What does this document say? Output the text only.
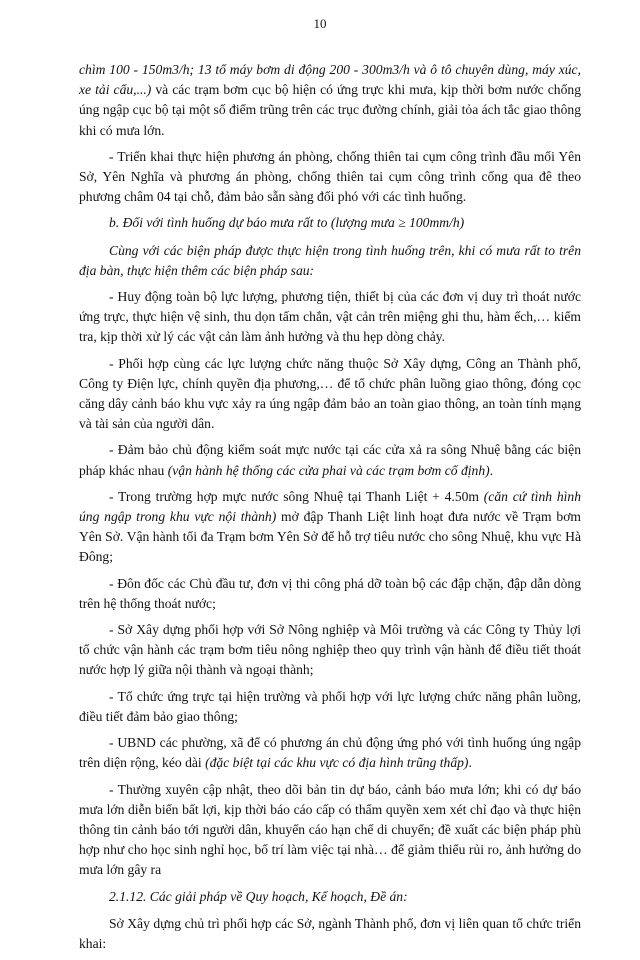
10

chìm 100 - 150m3/h; 13 tổ máy bơm di động 200 - 300m3/h và ô tô chuyên dùng, máy xúc, xe tải cẩu,...) và các trạm bơm cục bộ hiện có ứng trực khi mưa, kịp thời bơm nước chống úng ngập cục bộ tại một số điểm trũng trên các trục đường chính, giải tỏa ách tắc giao thông khi có mưa lớn.

- Triển khai thực hiện phương án phòng, chống thiên tai cụm công trình đầu mối Yên Sở, Yên Nghĩa và phương án phòng, chống thiên tai cụm công trình cống qua đê theo phương châm 04 tại chỗ, đảm bảo sẵn sàng đối phó với các tình huống.

b. Đối với tình huống dự báo mưa rất to (lượng mưa ≥ 100mm/h)

Cùng với các biện pháp được thực hiện trong tình huống trên, khi có mưa rất to trên địa bàn, thực hiện thêm các biện pháp sau:

- Huy động toàn bộ lực lượng, phương tiện, thiết bị của các đơn vị duy trì thoát nước ứng trực, thực hiện vệ sinh, thu dọn tấm chắn, vật cản trên miệng ghi thu, hàm ếch,… kiểm tra, kịp thời xử lý các vật cản làm ảnh hưởng và thu hẹp dòng chảy.

- Phối hợp cùng các lực lượng chức năng thuộc Sở Xây dựng, Công an Thành phố, Công ty Điện lực, chính quyền địa phương,… để tổ chức phân luồng giao thông, đóng cọc căng dây cảnh báo khu vực xảy ra úng ngập đảm bảo an toàn giao thông, an toàn tính mạng và tài sản của người dân.

- Đảm bảo chủ động kiểm soát mực nước tại các cửa xả ra sông Nhuệ bằng các biện pháp khác nhau (vận hành hệ thống các cửa phai và các trạm bơm cố định).

- Trong trường hợp mực nước sông Nhuệ tại Thanh Liệt + 4.50m (căn cứ tình hình úng ngập trong khu vực nội thành) mở đập Thanh Liệt linh hoạt đưa nước về Trạm bơm Yên Sở. Vận hành tối đa Trạm bơm Yên Sở để hỗ trợ tiêu nước cho sông Nhuệ, khu vực Hà Đông;

- Đôn đốc các Chủ đầu tư, đơn vị thi công phá dỡ toàn bộ các đập chặn, đập dẫn dòng trên hệ thống thoát nước;

- Sở Xây dựng phối hợp với Sở Nông nghiệp và Môi trường và các Công ty Thủy lợi tổ chức vận hành các trạm bơm tiêu nông nghiệp theo quy trình vận hành để điều tiết thoát nước hợp lý giữa nội thành và ngoại thành;

- Tổ chức ứng trực tại hiện trường và phối hợp với lực lượng chức năng phân luồng, điều tiết đảm bảo giao thông;

- UBND các phường, xã để có phương án chủ động ứng phó với tình huống úng ngập trên diện rộng, kéo dài (đặc biệt tại các khu vực có địa hình trũng thấp).

- Thường xuyên cập nhật, theo dõi bản tin dự báo, cảnh báo mưa lớn; khi có dự báo mưa lớn diễn biến bất lợi, kịp thời báo cáo cấp có thẩm quyền xem xét chỉ đạo và thực hiện thông tin cảnh báo tới người dân, khuyến cáo hạn chế di chuyển; đề xuất các biện pháp phù hợp như cho học sinh nghỉ học, bố trí làm việc tại nhà… để giảm thiểu rủi ro, ảnh hưởng do mưa lớn gây ra

2.1.12. Các giải pháp về Quy hoạch, Kế hoạch, Đề án:

Sở Xây dựng chủ trì phối hợp các Sở, ngành Thành phố, đơn vị liên quan tổ chức triển khai:
